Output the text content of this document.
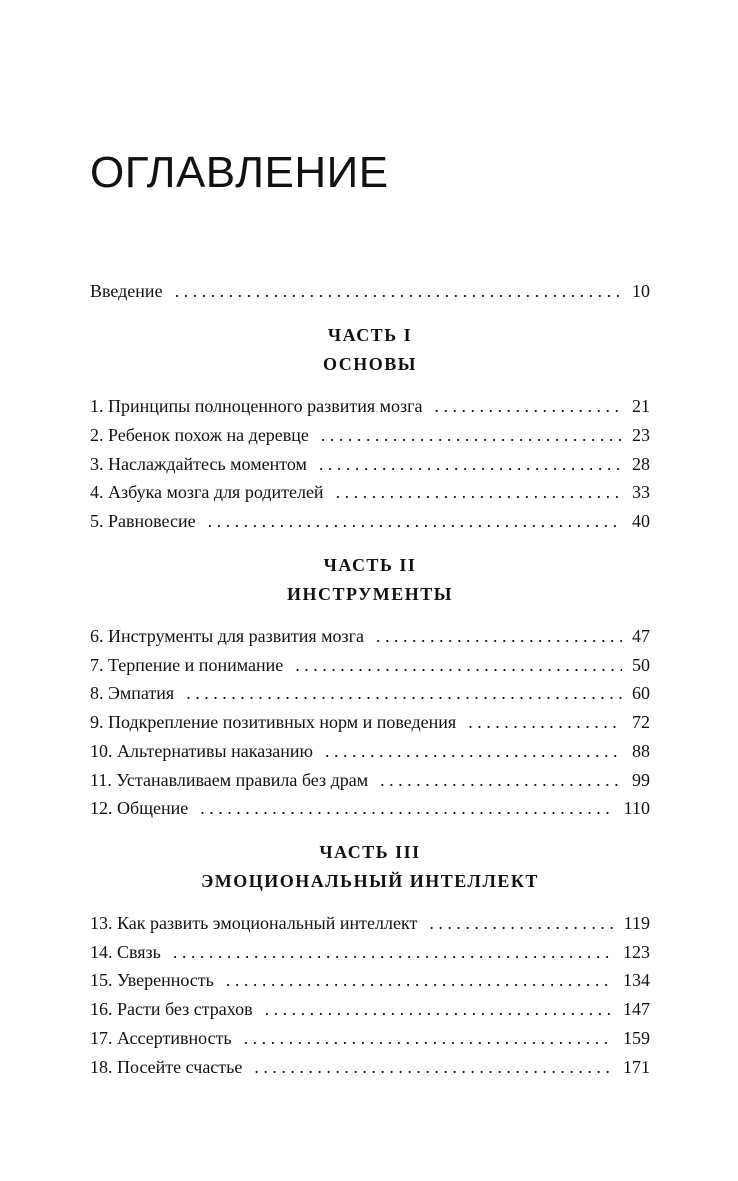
ОГЛАВЛЕНИЕ
Введение . . .	10
ЧАСТЬ I
ОСНОВЫ
1. Принципы полноценного развития мозга . . .	21
2. Ребенок похож на деревце . . .	23
3. Наслаждайтесь моментом . . .	28
4. Азбука мозга для родителей . . .	33
5. Равновесие . . .	40
ЧАСТЬ II
ИНСТРУМЕНТЫ
6. Инструменты для развития мозга . . .	47
7. Терпение и понимание . . .	50
8. Эмпатия . . .	60
9. Подкрепление позитивных норм и поведения . . .	72
10. Альтернативы наказанию . . .	88
11. Устанавливаем правила без драм . . .	99
12. Общение . . .	110
ЧАСТЬ III
ЭМОЦИОНАЛЬНЫЙ ИНТЕЛЛЕКТ
13. Как развить эмоциональный интеллект . . .	119
14. Связь . . .	123
15. Уверенность . . .	134
16. Расти без страхов . . .	147
17. Ассертивность . . .	159
18. Посейте счастье . . .	171
